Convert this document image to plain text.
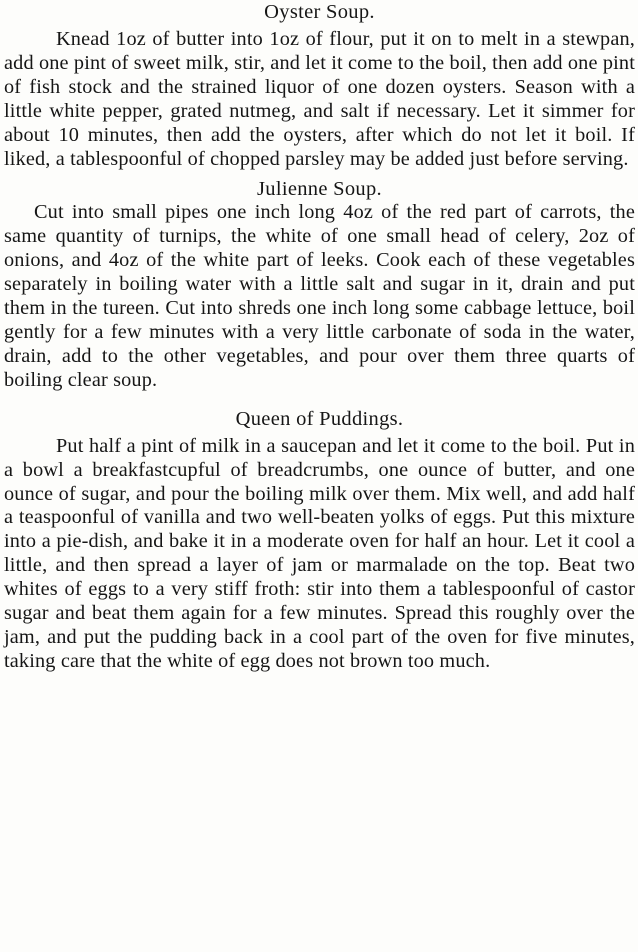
Oyster Soup.

Knead 1oz of butter into 1oz of flour, put it on to melt in a stewpan, add one pint of sweet milk, stir, and let it come to the boil, then add one pint of fish stock and the strained liquor of one dozen oysters. Season with a little white pepper, grated nutmeg, and salt if necessary. Let it simmer for about 10 minutes, then add the oysters, after which do not let it boil. If liked, a tablespoonful of chopped parsley may be added just before serving.

Julienne Soup.

Cut into small pipes one inch long 4oz of the red part of carrots, the same quantity of turnips, the white of one small head of celery, 2oz of onions, and 4oz of the white part of leeks. Cook each of these vegetables separately in boiling water with a little salt and sugar in it, drain and put them in the tureen. Cut into shreds one inch long some cabbage lettuce, boil gently for a few minutes with a very little carbonate of soda in the water, drain, add to the other vegetables, and pour over them three quarts of boiling clear soup.

Queen of Puddings.

Put half a pint of milk in a saucepan and let it come to the boil. Put in a bowl a breakfastcupful of breadcrumbs, one ounce of butter, and one ounce of sugar, and pour the boiling milk over them. Mix well, and add half a teaspoonful of vanilla and two well-beaten yolks of eggs. Put this mixture into a pie-dish, and bake it in a moderate oven for half an hour. Let it cool a little, and then spread a layer of jam or marmalade on the top. Beat two whites of eggs to a very stiff froth: stir into them a tablespoonful of castor sugar and beat them again for a few minutes. Spread this roughly over the jam, and put the pudding back in a cool part of the oven for five minutes, taking care that the white of egg does not brown too much.
